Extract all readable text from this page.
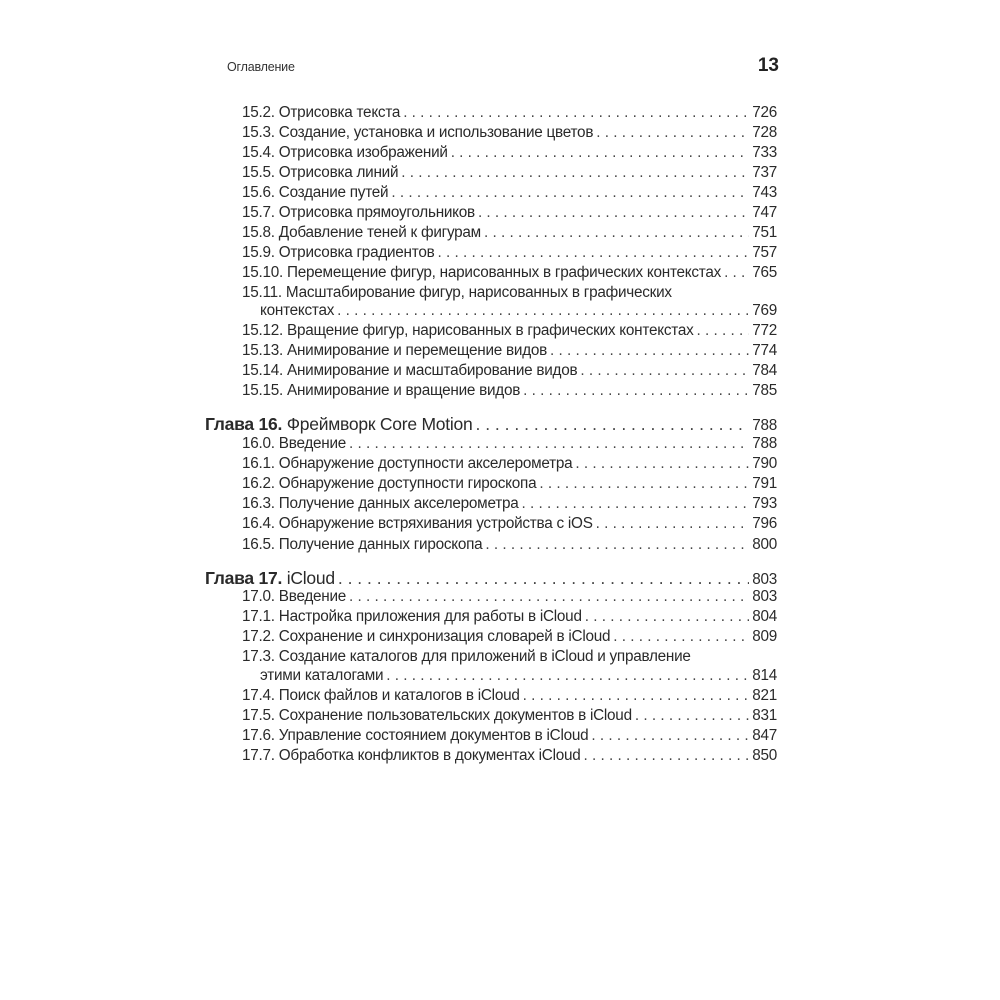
Оглавление	13
15.2. Отрисовка текста . . .	726
15.3. Создание, установка и использование цветов . . .	728
15.4. Отрисовка изображений . . .	733
15.5. Отрисовка линий . . .	737
15.6. Создание путей . . .	743
15.7. Отрисовка прямоугольников . . .	747
15.8. Добавление теней к фигурам . . .	751
15.9. Отрисовка градиентов . . .	757
15.10. Перемещение фигур, нарисованных в графических контекстах . . . 765
15.11. Масштабирование фигур, нарисованных в графических
контекстах . . .	769
15.12. Вращение фигур, нарисованных в графических контекстах . . .	772
15.13. Анимирование и перемещение видов . . .	774
15.14. Анимирование и масштабирование видов . . .	784
15.15. Анимирование и вращение видов . . .	785
Глава 16. Фреймворк Core Motion . . .	788
16.0. Введение . . .	788
16.1. Обнаружение доступности акселерометра . . .	790
16.2. Обнаружение доступности гироскопа . . .	791
16.3. Получение данных акселерометра . . .	793
16.4. Обнаружение встряхивания устройства с iOS . . .	796
16.5. Получение данных гироскопа . . .	800
Глава 17. iCloud . . .	803
17.0. Введение . . .	803
17.1. Настройка приложения для работы в iCloud . . .	804
17.2. Сохранение и синхронизация словарей в iCloud . . .	809
17.3. Создание каталогов для приложений в iCloud и управление
этими каталогами . . .	814
17.4. Поиск файлов и каталогов в iCloud . . .	821
17.5. Сохранение пользовательских документов в iCloud . . .	831
17.6. Управление состоянием документов в iCloud . . .	847
17.7. Обработка конфликтов в документах iCloud . . .	850
